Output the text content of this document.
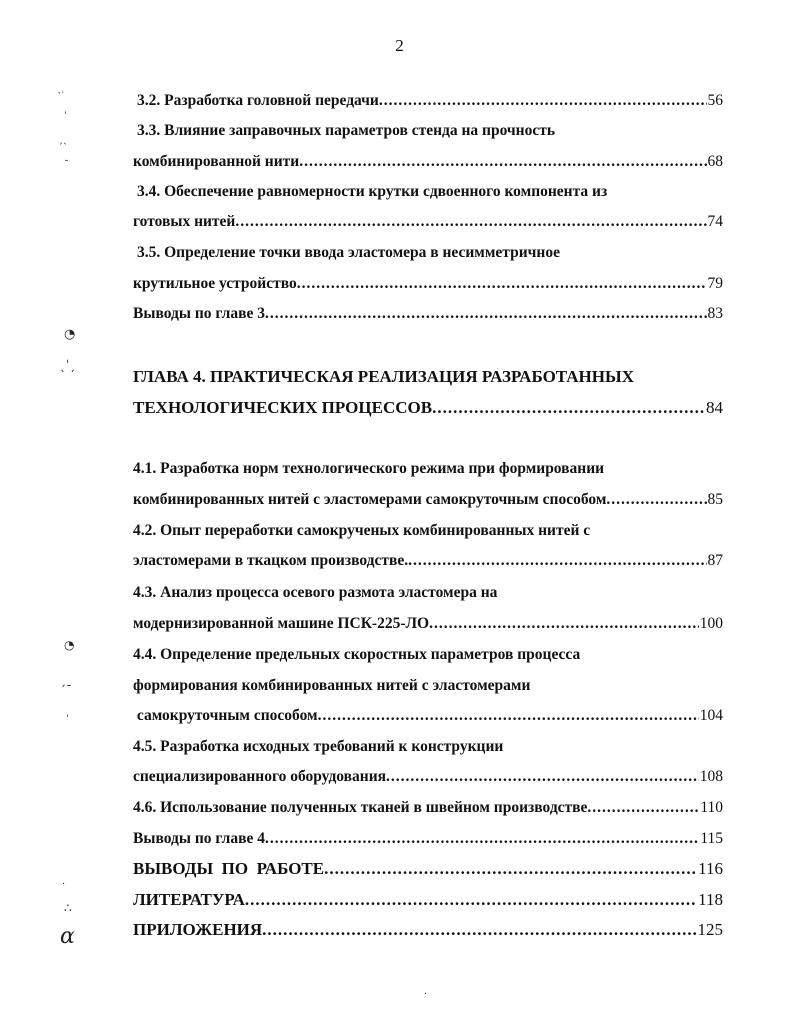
2
3.2. Разработка головной передачи .....	56
3.3. Влияние заправочных параметров стенда на прочность
комбинированной нити .....	68
3.4. Обеспечение равномерности крутки сдвоенного компонента из
готовых нитей .....	74
3.5. Определение точки ввода эластомера в несимметричное
крутильное устройство .....	79
Выводы по главе 3 .....	83
ГЛАВА 4. ПРАКТИЧЕСКАЯ РЕАЛИЗАЦИЯ РАЗРАБОТАННЫХ
ТЕХНОЛОГИЧЕСКИХ ПРОЦЕССОВ .....	84
4.1. Разработка норм технологического режима при формировании
комбинированных нитей с эластомерами самокруточным способом .....	85
4.2. Опыт переработки самокрученых комбинированных нитей с
эластомерами в ткацком производстве. .....	87
4.3. Анализ процесса осевого размота эластомера на
модернизированной машине ПСК-225-ЛО .....	100
4.4. Определение предельных скоростных параметров процесса
формирования комбинированных нитей с эластомерами
самокруточным способом .....	104
4.5. Разработка исходных требований к конструкции
специализированного оборудования .....	108
4.6. Использование полученных тканей в швейном производстве .....	110
Выводы по главе 4 .....	115
ВЫВОДЫ  ПО  РАБОТЕ .....	116
ЛИТЕРАТУРА .....	118
ПРИЛОЖЕНИЯ .....	125
‵˙
ˈ
ˏˎ
ˍ
◔
ˎˈˏ
◔
ˏˍ
ˈ
·
∴
α
·
